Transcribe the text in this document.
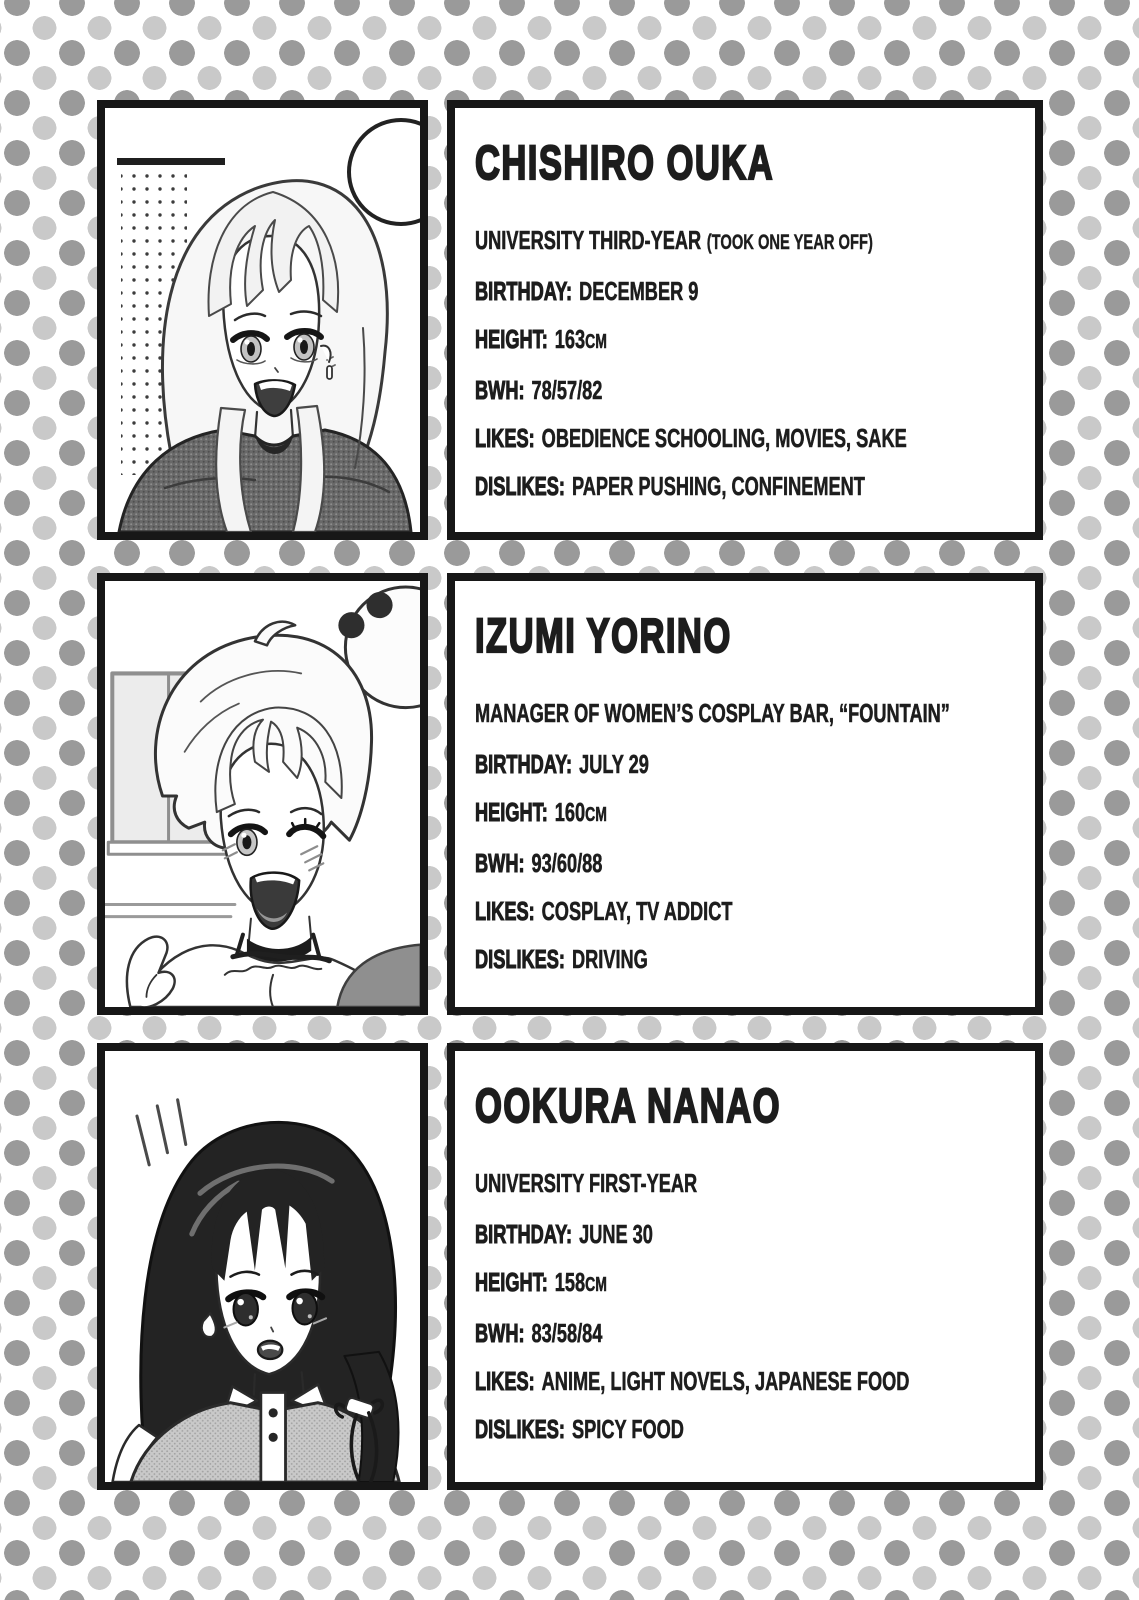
CHISHIRO OUKA

UNIVERSITY THIRD-YEAR (TOOK ONE YEAR OFF)

BIRTHDAY: DECEMBER 9

HEIGHT: 163CM

BWH: 78/57/82

LIKES: OBEDIENCE SCHOOLING, MOVIES, SAKE

DISLIKES: PAPER PUSHING, CONFINEMENT

IZUMI YORINO

MANAGER OF WOMEN’S COSPLAY BAR, “FOUNTAIN”

BIRTHDAY: JULY 29

HEIGHT: 160CM

BWH: 93/60/88

LIKES: COSPLAY, TV ADDICT

DISLIKES: DRIVING

OOKURA NANAO

UNIVERSITY FIRST-YEAR

BIRTHDAY: JUNE 30

HEIGHT: 158CM

BWH: 83/58/84

LIKES: ANIME, LIGHT NOVELS, JAPANESE FOOD

DISLIKES: SPICY FOOD
